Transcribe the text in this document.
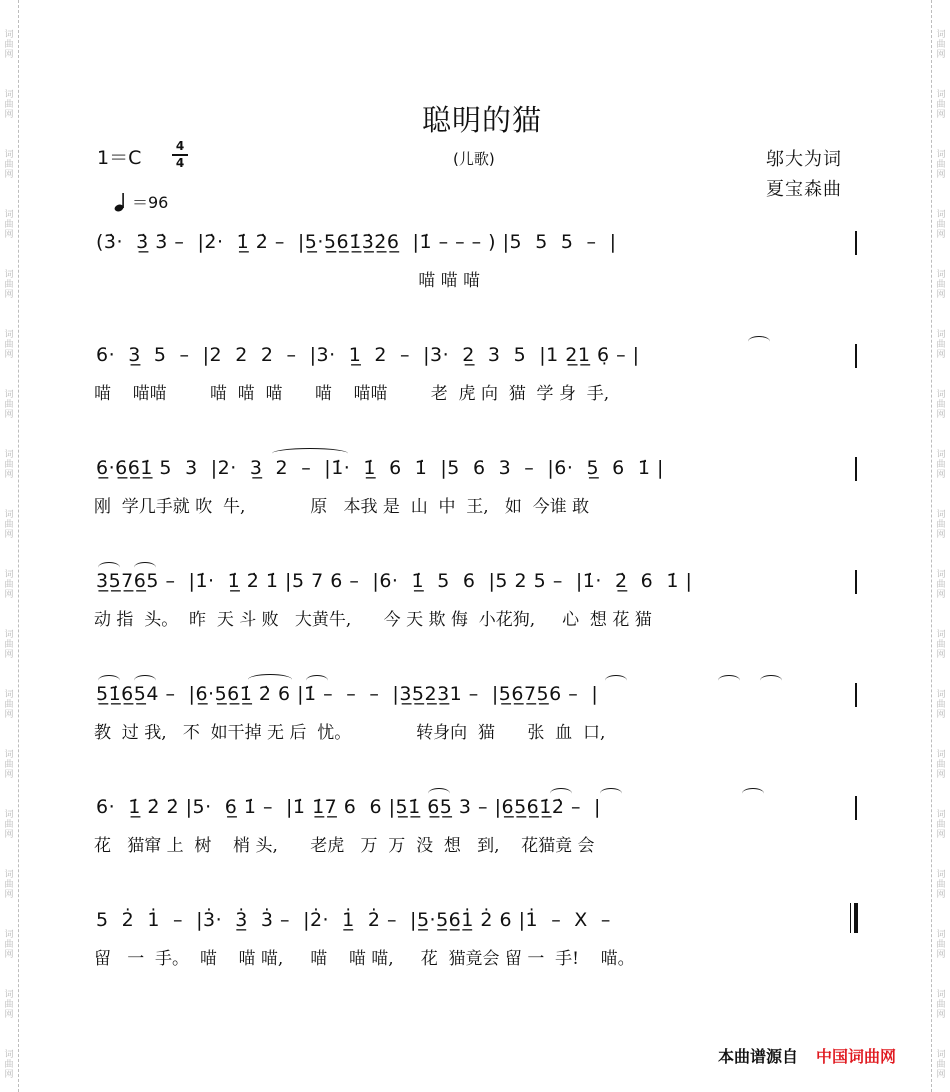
词
曲
网
词
曲
网
词
曲
网
词
曲
网
词
曲
网
词
曲
网
词
曲
网
词
曲
网
词
曲
网
词
曲
网
词
曲
网
词
曲
网
词
曲
网
词
曲
网
词
曲
网
词
曲
网
词
曲
网
词
曲
网
词
曲
网
词
曲
网
词
曲
网
词
曲
网
词
曲
网
词
曲
网
词
曲
网
词
曲
网
词
曲
网
词
曲
网
词
曲
网
词
曲
网
词
曲
网
词
曲
网
词
曲
网
词
曲
网
词
曲
网
词
曲
网
聪明的猫
1＝C
4
4	(儿歌)	邬大为词
夏宝森曲
＝96
(3̇·  3̲̇ 3̇ –  |2̇·  1̲̇ 2̇ –  |5̲·5̲̲6̲1̲̇3̲̇2̲̇6̲  |1̇ – – – ) |5  5  5  –  |
喵 喵 喵
6·  3̲  5  –  |2  2  2  –  |3·  1̲  2  –  |3·  2̲  3  5  |1 2̲1̲ 6̣ – |
喵    喵喵        喵  喵  喵      喵    喵喵        老  虎 向  猫  学 身  手,
6̲·6̲6̲1̲̇ 5  3  |2·  3̲  2  –  |1̇·  1̲̇  6  1̇  |5  6  3  –  |6·  5̲  6  1̇ |
刚  学几手就 吹  牛,            原   本我 是  山  中  王,   如  今谁 敢
3̲5̲7̲6̲5 –  |1̇·  1̲̇ 2̇ 1̇ |5 7 6 –  |6·  1̲̇  5  6  |5 2 5 –  |1̇·  2̲̇  6  1̇ |
动 指  头。  昨  天 斗 败   大黄牛,      今 天 欺 侮  小花狗,     心  想 花 猫
5̲1̲̇6̲5̲4 –  |6̲·5̲6̲1̲̇ 2̇ 6 |1̇ –  –  –  |3̲5̲2̲3̲1 –  |5̲6̲7̲5̲6 –  |
教  过 我,   不  如干掉 无 后  忧。            转身向  猫      张  血  口,
6·  1̲̇ 2̇ 2̇ |5·  6̲ 1̇ –  |1̇ 1̲̇7̲ 6  6 |5̲1̲̇ 6̲5̲ 3 – |6̲5̲6̲1̲̇2̇ –  |
花   猫窜 上  树    梢 头,      老虎   万  万  没  想   到,    花猫竟 会
5  2̇  1̇  –  |3̇·  3̲̇  3̇ –  |2̇·  1̲̇  2̇ –  |5̲·5̲6̲1̲̇ 2̇ 6 |1̇  –  X  –
留   一  手。  喵    喵 喵,     喵    喵 喵,     花  猫竟会 留 一  手!    喵。
本曲谱源自 中国词曲网
